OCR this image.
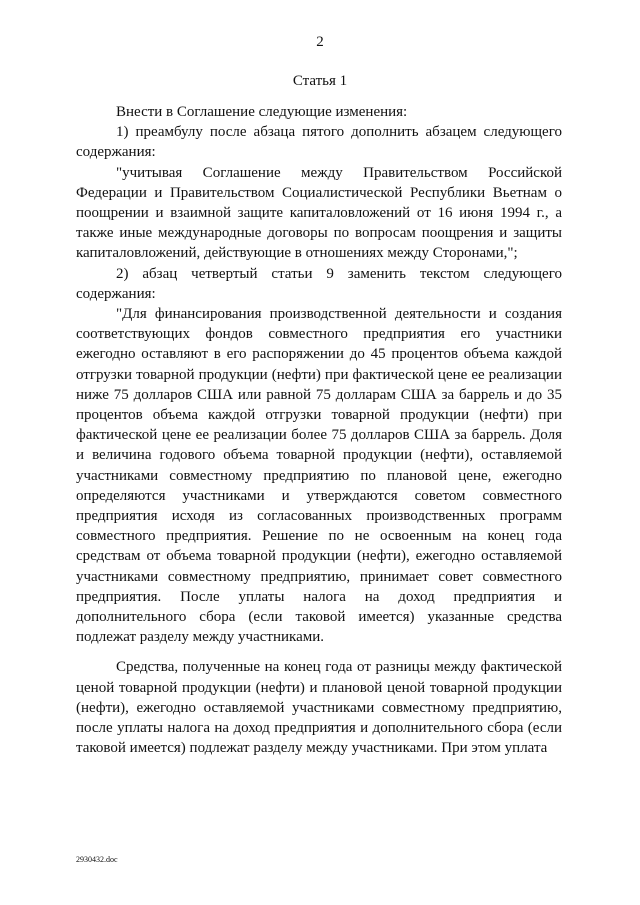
2
Статья 1

Внести в Соглашение следующие изменения:

1) преамбулу после абзаца пятого дополнить абзацем следующего содержания:

"учитывая Соглашение между Правительством Российской Федерации и Правительством Социалистической Республики Вьетнам о поощрении и взаимной защите капиталовложений от 16 июня 1994 г., а также иные международные договоры по вопросам поощрения и защиты капиталовложений, действующие в отношениях между Сторонами,";

2) абзац четвертый статьи 9 заменить текстом следующего содержания:

"Для финансирования производственной деятельности и создания соответствующих фондов совместного предприятия его участники ежегодно оставляют в его распоряжении до 45 процентов объема каждой отгрузки товарной продукции (нефти) при фактической цене ее реализации ниже 75 долларов США или равной 75 долларам США за баррель и до 35 процентов объема каждой отгрузки товарной продукции (нефти) при фактической цене ее реализации более 75 долларов США за баррель. Доля и величина годового объема товарной продукции (нефти), оставляемой участниками совместному предприятию по плановой цене, ежегодно определяются участниками и утверждаются советом совместного предприятия исходя из согласованных производственных программ совместного предприятия. Решение по не освоенным на конец года средствам от объема товарной продукции (нефти), ежегодно оставляемой участниками совместному предприятию, принимает совет совместного предприятия. После уплаты налога на доход предприятия и дополнительного сбора (если таковой имеется) указанные средства подлежат разделу между участниками.

Средства, полученные на конец года от разницы между фактической ценой товарной продукции (нефти) и плановой ценой товарной продукции (нефти), ежегодно оставляемой участниками совместному предприятию, после уплаты налога на доход предприятия и дополнительного сбора (если таковой имеется) подлежат разделу между участниками. При этом уплата

2930432.doc
